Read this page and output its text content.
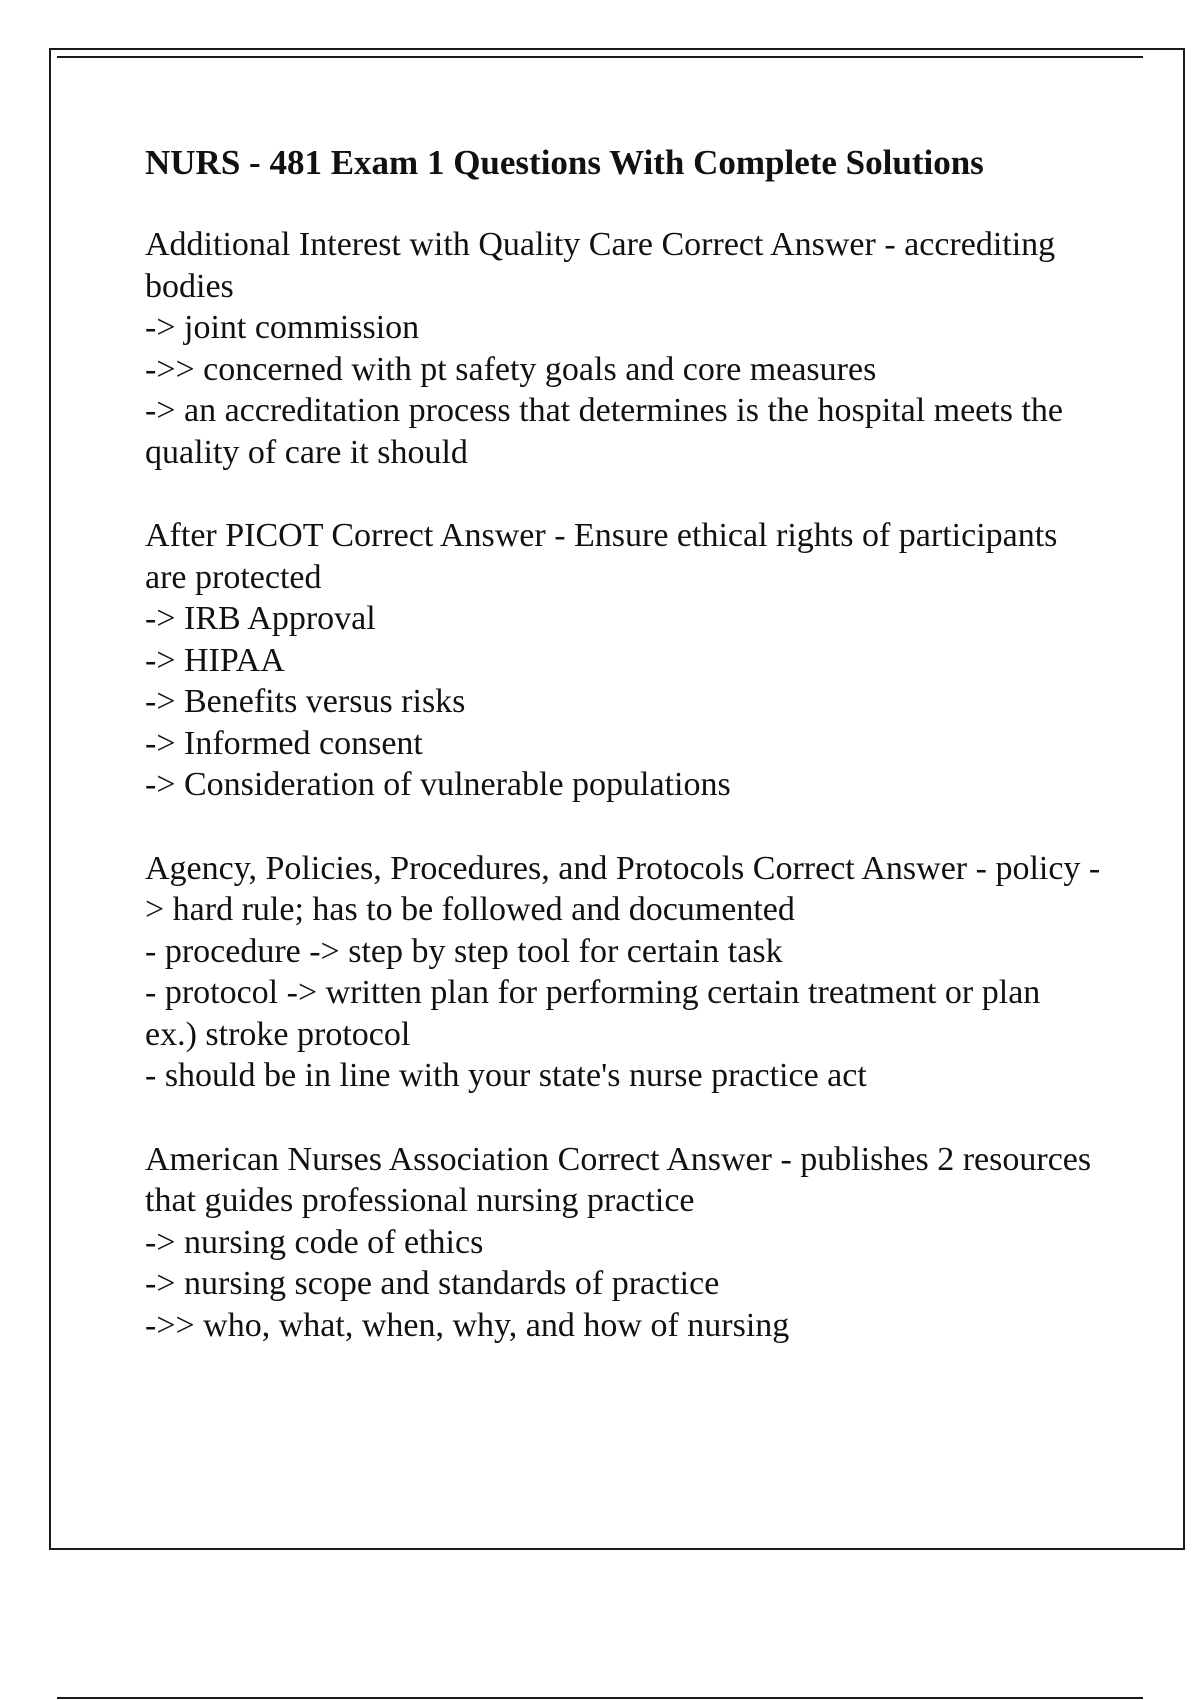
NURS - 481 Exam 1 Questions With Complete Solutions

Additional Interest with Quality Care Correct Answer - accrediting bodies
-> joint commission
->> concerned with pt safety goals and core measures
-> an accreditation process that determines is the hospital meets the quality of care it should

After PICOT Correct Answer - Ensure ethical rights of participants are protected
-> IRB Approval
-> HIPAA
-> Benefits versus risks
-> Informed consent
-> Consideration of vulnerable populations

Agency, Policies, Procedures, and Protocols Correct Answer - policy -> hard rule; has to be followed and documented
- procedure -> step by step tool for certain task
- protocol -> written plan for performing certain treatment or plan
ex.) stroke protocol
- should be in line with your state's nurse practice act

American Nurses Association Correct Answer - publishes 2 resources that guides professional nursing practice
-> nursing code of ethics
-> nursing scope and standards of practice
->> who, what, when, why, and how of nursing
